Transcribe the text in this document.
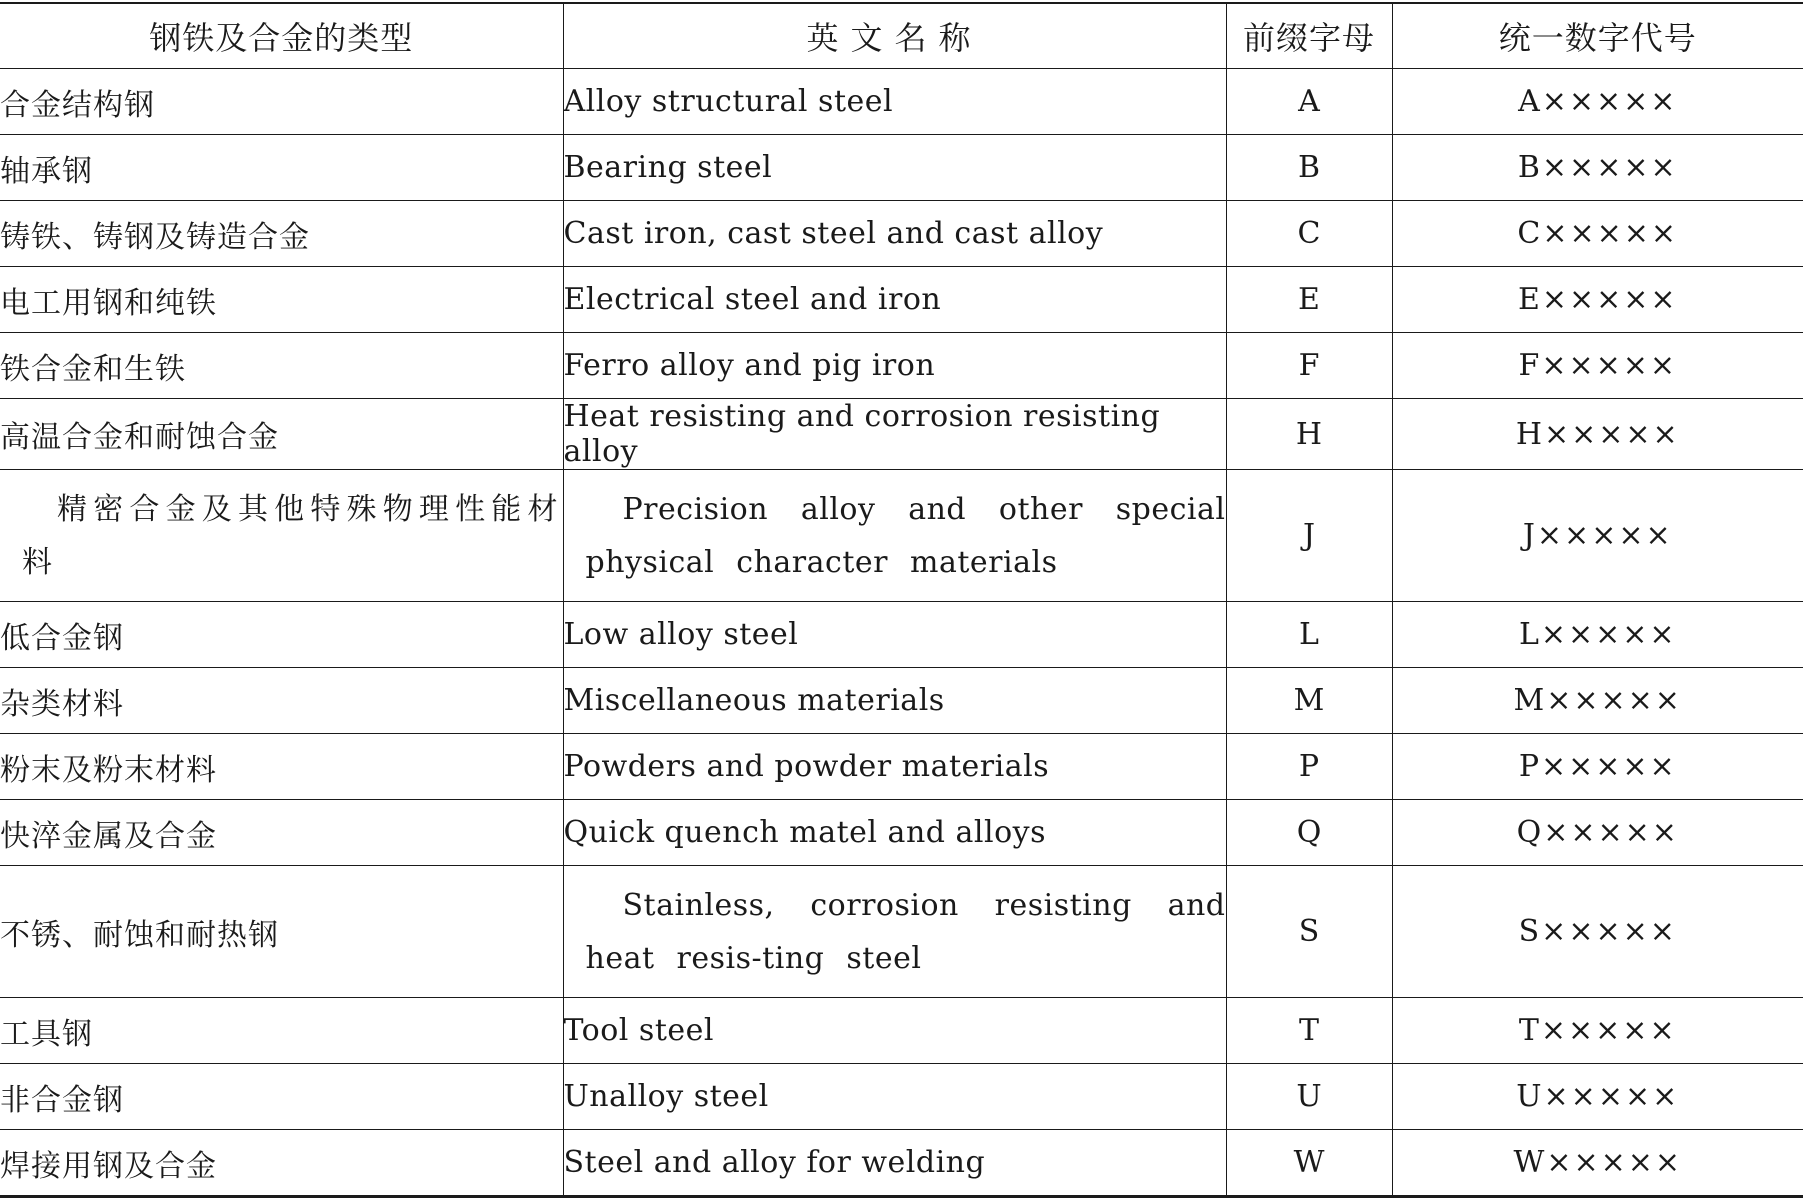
钢铁及合金的类型	英文名称	前缀字母	统一数字代号
合金结构钢	Alloy structural steel	A	A×××××
轴承钢	Bearing steel	B	B×××××
铸铁、铸钢及铸造合金	Cast iron, cast steel and cast alloy	C	C×××××
电工用钢和纯铁	Electrical steel and iron	E	E×××××
铁合金和生铁	Ferro alloy and pig iron	F	F×××××
高温合金和耐蚀合金	Heat resisting and corrosion resisting alloy	H	H×××××
精密合金及其他特殊物理性能材料	Precision alloy and other special physical character materials	J	J×××××
低合金钢	Low alloy steel	L	L×××××
杂类材料	Miscellaneous materials	M	M×××××
粉末及粉末材料	Powders and powder materials	P	P×××××
快淬金属及合金	Quick quench matel and alloys	Q	Q×××××
不锈、耐蚀和耐热钢	Stainless, corrosion resisting and heat resis-ting steel	S	S×××××
工具钢	Tool steel	T	T×××××
非合金钢	Unalloy steel	U	U×××××
焊接用钢及合金	Steel and alloy for welding	W	W×××××
